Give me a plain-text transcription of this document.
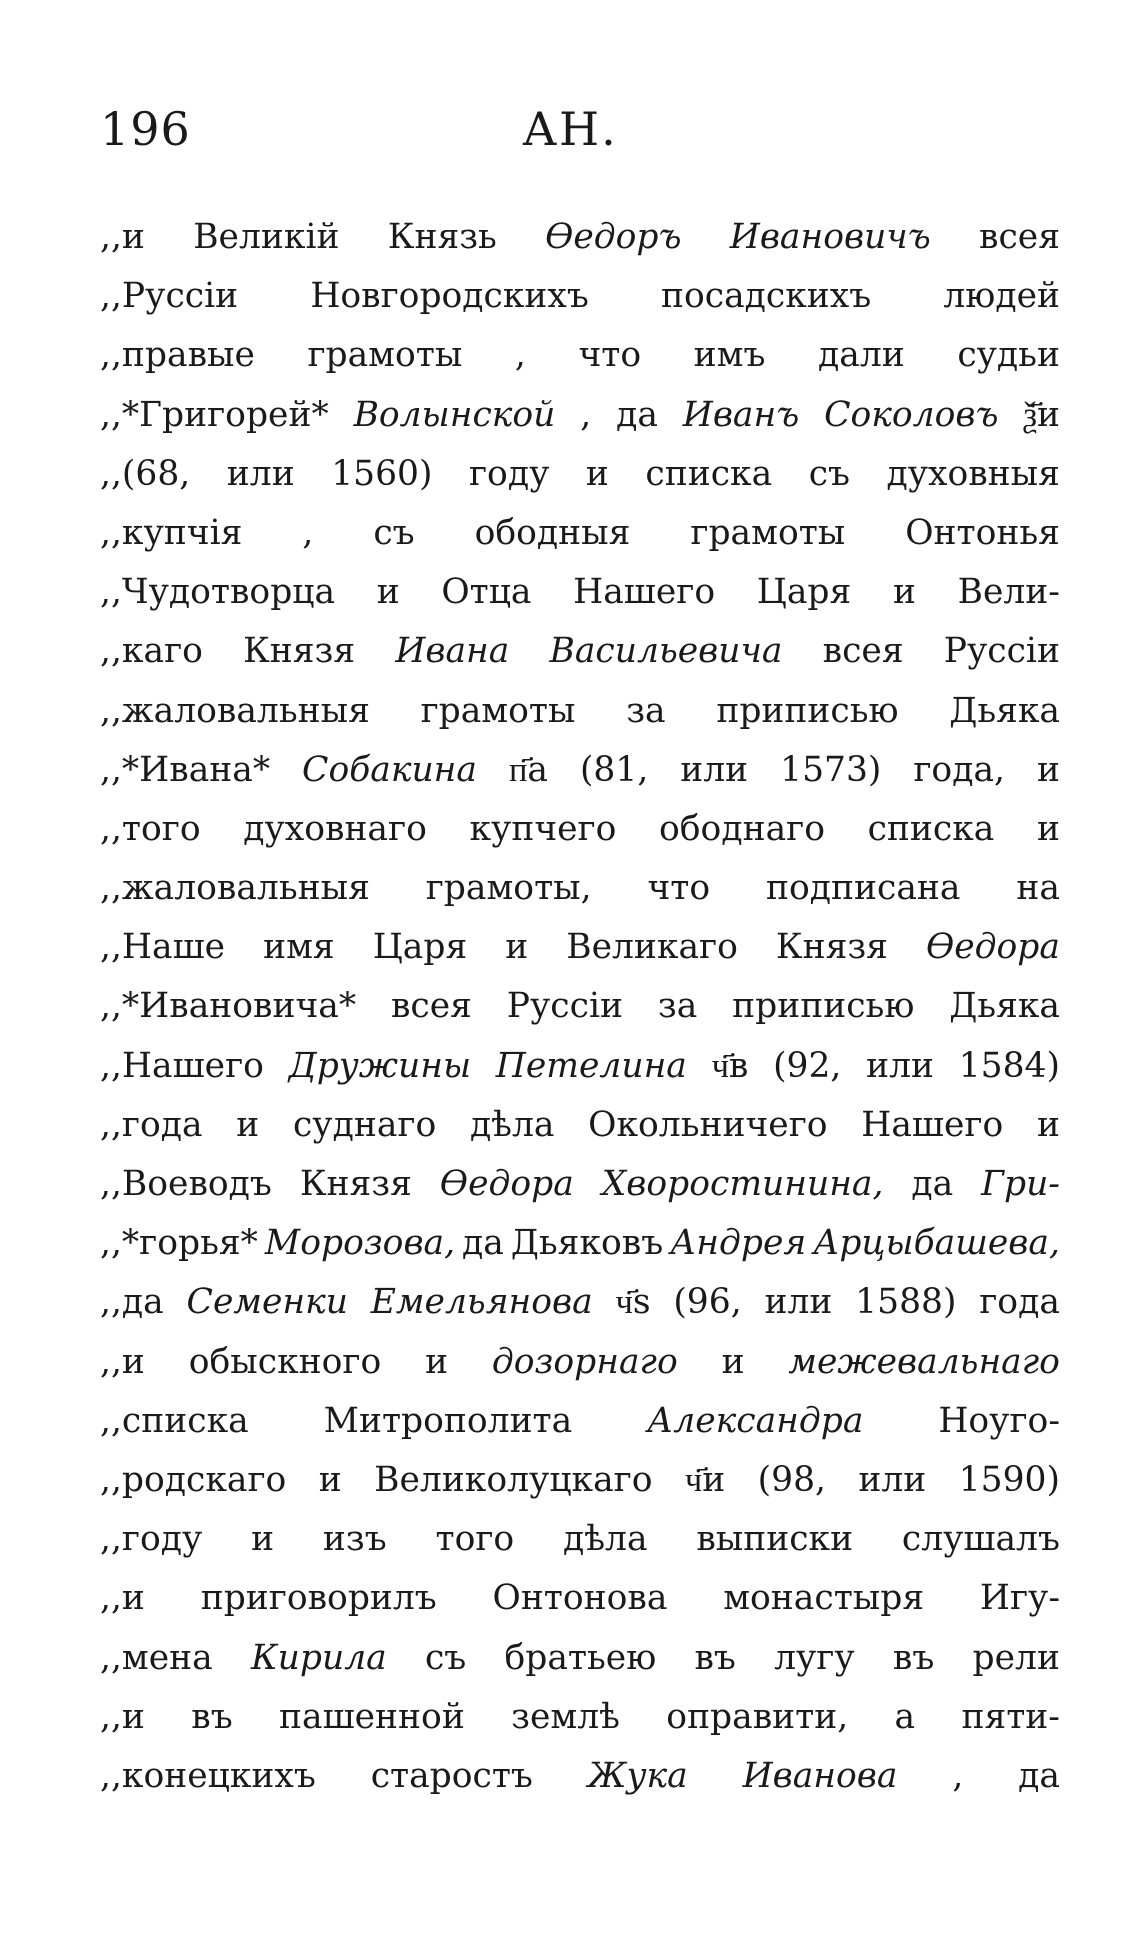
196	АН.
,,и Великій Князь Ѳедоръ Ивановичъ всея
,,Руссіи Новгородскихъ посадскихъ людей
,,правые грамоты , что имъ дали судьи
,,*Григорей* Волынской , да Иванъ Соколовъ ѯ҃и
,,(68, или 1560) году и списка съ духовныя
,,купчія , съ ободныя грамоты Онтонья
,,Чудотворца и Отца Нашего Царя и Вели-
,,каго Князя Ивана Васильевича всея Руссіи
,,жаловальныя грамоты за приписью Дьяка
,,*Ивана* Собакина п҃а (81, или 1573) года, и
,,того духовнаго купчего ободнаго списка и
,,жаловальныя грамоты, что подписана на
,,Наше имя Царя и Великаго Князя Ѳедора
,,*Ивановича* всея Руссіи за приписью Дьяка
,,Нашего Дружины Петелина ч҃в (92, или 1584)
,,года и суднаго дѣла Окольничего Нашего и
,,Воеводъ Князя Ѳедора Хворостинина, да Гри-
,,*горья* Морозова, да Дьяковъ Андрея Арцыбашева,
,,да Семенки Емельянова ч҃ѕ (96, или 1588) года
,,и обыскного и дозорнаго и межевальнаго
,,списка Митрополита Александра Ноуго-
,,родскаго и Великолуцкаго ч҃и (98, или 1590)
,,году и изъ того дѣла выписки слушалъ
,,и приговорилъ Онтонова монастыря Игу-
,,мена Кирила съ братьею въ лугу въ рели
,,и въ пашенной землѣ оправити, а пяти-
,,конецкихъ старостъ Жука Иванова , да
